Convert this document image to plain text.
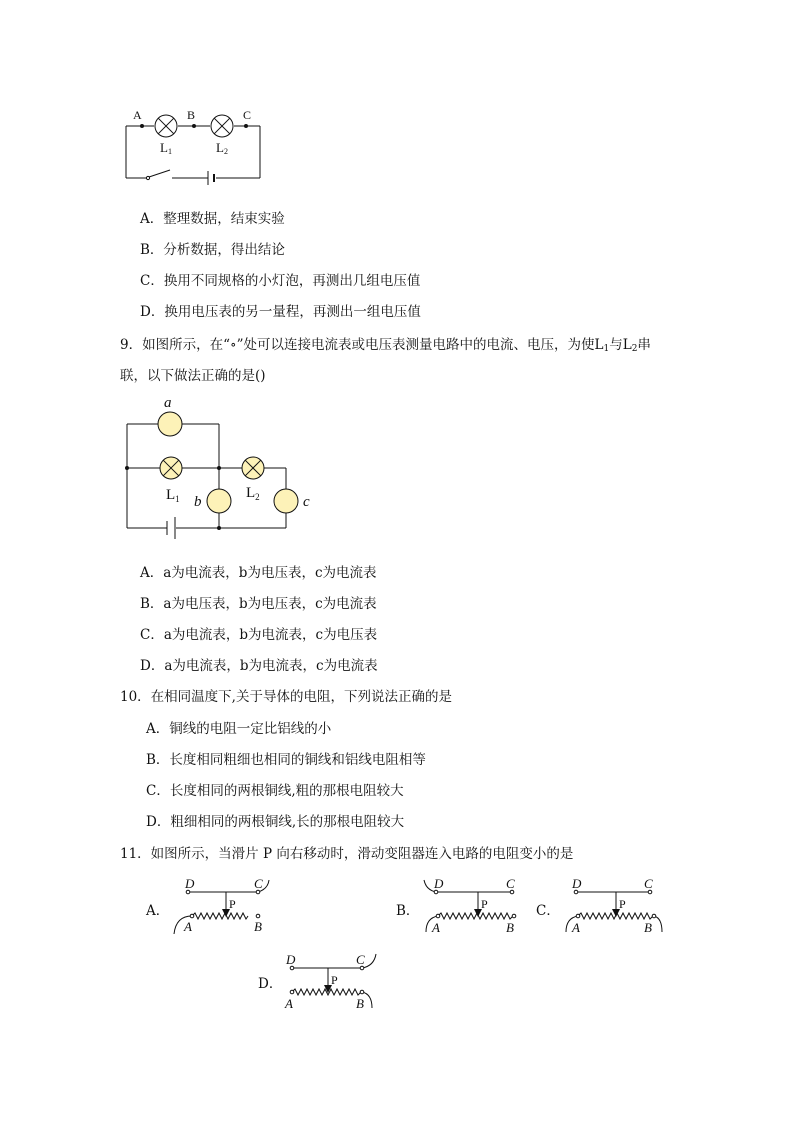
A	B	C
L1	L2
A．整理数据，结束实验
B．分析数据，得出结论
C．换用不同规格的小灯泡，再测出几组电压值
D．换用电压表的另一量程，再测出一组电压值
9．如图所示，在“∘”处可以连接电流表或电压表测量电路中的电流、电压，为使$L_1$与$L_2$串
联，以下做法正确的是()
a
b	c
$L_1$	$L_2$
A．a为电流表，b为电压表，c为电流表
B．a为电压表，b为电压表，c为电流表
C．a为电流表，b为电流表，c为电压表
D．a为电流表，b为电流表，c为电流表
10．在相同温度下,关于导体的电阻，下列说法正确的是
A．铜线的电阻一定比铝线的小
B．长度相同粗细也相同的铜线和铝线电阻相等
C．长度相同的两根铜线,粗的那根电阻较大
D．粗细相同的两根铜线,长的那根电阻较大
11．如图所示，当滑片 P 向右移动时，滑动变阻器连入电路的电阻变小的是
A．	B．	C．
D．
D	C
P
A	B
D	C
P
A	B
D	C
P
A	B
D	C
P
A	B
